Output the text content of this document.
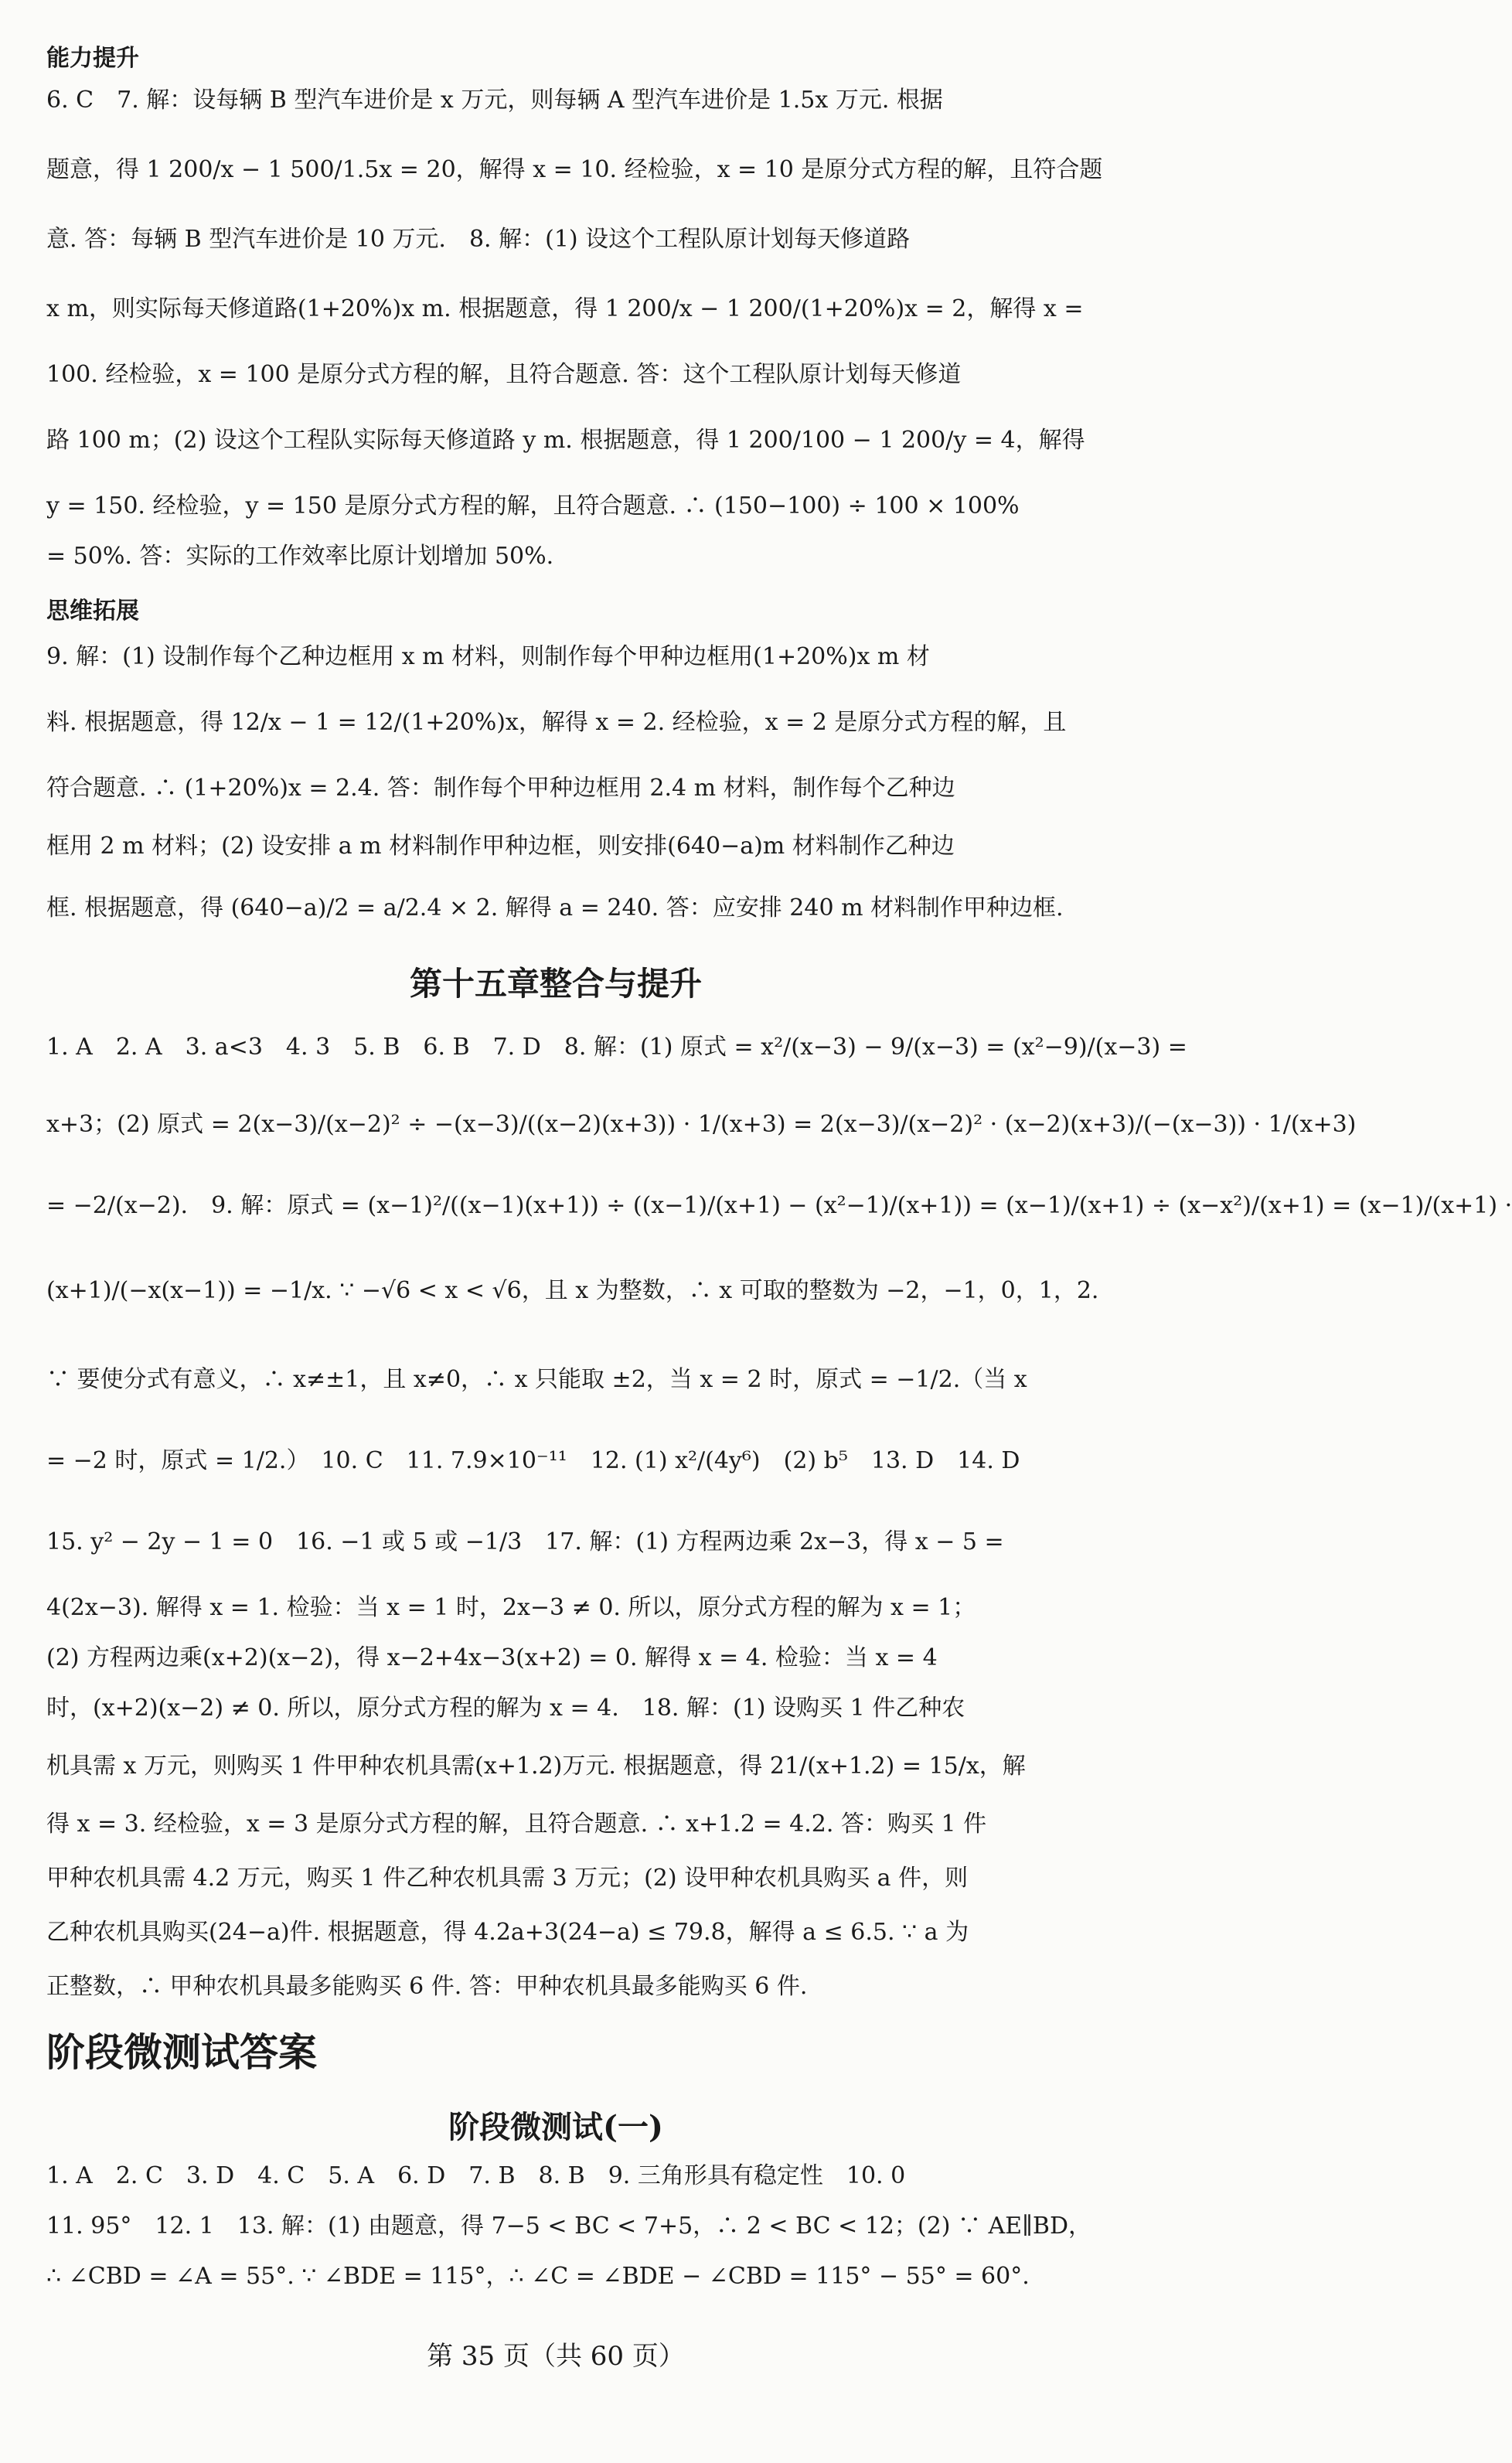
能力提升
6. C　7. 解：设每辆 B 型汽车进价是 x 万元，则每辆 A 型汽车进价是 1.5x 万元. 根据
题意，得 1 200/x − 1 500/1.5x = 20，解得 x = 10. 经检验，x = 10 是原分式方程的解，且符合题
意. 答：每辆 B 型汽车进价是 10 万元.　8. 解：(1) 设这个工程队原计划每天修道路
x m，则实际每天修道路(1+20%)x m. 根据题意，得 1 200/x − 1 200/(1+20%)x = 2，解得 x =
100. 经检验，x = 100 是原分式方程的解，且符合题意. 答：这个工程队原计划每天修道
路 100 m；(2) 设这个工程队实际每天修道路 y m. 根据题意，得 1 200/100 − 1 200/y = 4，解得
y = 150. 经检验，y = 150 是原分式方程的解，且符合题意. ∴ (150−100) ÷ 100 × 100%
= 50%. 答：实际的工作效率比原计划增加 50%.
思维拓展
9. 解：(1) 设制作每个乙种边框用 x m 材料，则制作每个甲种边框用(1+20%)x m 材
料. 根据题意，得 12/x − 1 = 12/(1+20%)x，解得 x = 2. 经检验，x = 2 是原分式方程的解，且
符合题意. ∴ (1+20%)x = 2.4. 答：制作每个甲种边框用 2.4 m 材料，制作每个乙种边
框用 2 m 材料；(2) 设安排 a m 材料制作甲种边框，则安排(640−a)m 材料制作乙种边
框. 根据题意，得 (640−a)/2 = a/2.4 × 2. 解得 a = 240. 答：应安排 240 m 材料制作甲种边框.
第十五章整合与提升
1. A　2. A　3. a<3　4. 3　5. B　6. B　7. D　8. 解：(1) 原式 = x²/(x−3) − 9/(x−3) = (x²−9)/(x−3) =
x+3；(2) 原式 = 2(x−3)/(x−2)² ÷ −(x−3)/((x−2)(x+3)) · 1/(x+3) = 2(x−3)/(x−2)² · (x−2)(x+3)/(−(x−3)) · 1/(x+3)
= −2/(x−2).　9. 解：原式 = (x−1)²/((x−1)(x+1)) ÷ ((x−1)/(x+1) − (x²−1)/(x+1)) = (x−1)/(x+1) ÷ (x−x²)/(x+1) = (x−1)/(x+1) ·
(x+1)/(−x(x−1)) = −1/x. ∵ −√6 < x < √6，且 x 为整数，∴ x 可取的整数为 −2，−1，0，1，2.
∵ 要使分式有意义，∴ x≠±1，且 x≠0，∴ x 只能取 ±2，当 x = 2 时，原式 = −1/2.（当 x
= −2 时，原式 = 1/2.）　10. C　11. 7.9×10⁻¹¹　12. (1) x²/(4y⁶)　(2) b⁵　13. D　14. D
15. y² − 2y − 1 = 0　16. −1 或 5 或 −1/3　17. 解：(1) 方程两边乘 2x−3，得 x − 5 =
4(2x−3). 解得 x = 1. 检验：当 x = 1 时，2x−3 ≠ 0. 所以，原分式方程的解为 x = 1；
(2) 方程两边乘(x+2)(x−2)，得 x−2+4x−3(x+2) = 0. 解得 x = 4. 检验：当 x = 4
时，(x+2)(x−2) ≠ 0. 所以，原分式方程的解为 x = 4.　18. 解：(1) 设购买 1 件乙种农
机具需 x 万元，则购买 1 件甲种农机具需(x+1.2)万元. 根据题意，得 21/(x+1.2) = 15/x，解
得 x = 3. 经检验，x = 3 是原分式方程的解，且符合题意. ∴ x+1.2 = 4.2. 答：购买 1 件
甲种农机具需 4.2 万元，购买 1 件乙种农机具需 3 万元；(2) 设甲种农机具购买 a 件，则
乙种农机具购买(24−a)件. 根据题意，得 4.2a+3(24−a) ≤ 79.8，解得 a ≤ 6.5. ∵ a 为
正整数，∴ 甲种农机具最多能购买 6 件. 答：甲种农机具最多能购买 6 件.
阶段微测试答案
阶段微测试(一)
1. A　2. C　3. D　4. C　5. A　6. D　7. B　8. B　9. 三角形具有稳定性　10. 0
11. 95°　12. 1　13. 解：(1) 由题意，得 7−5 < BC < 7+5，∴ 2 < BC < 12；(2) ∵ AE∥BD，
∴ ∠CBD = ∠A = 55°. ∵ ∠BDE = 115°，∴ ∠C = ∠BDE − ∠CBD = 115° − 55° = 60°.
第 35 页（共 60 页）
